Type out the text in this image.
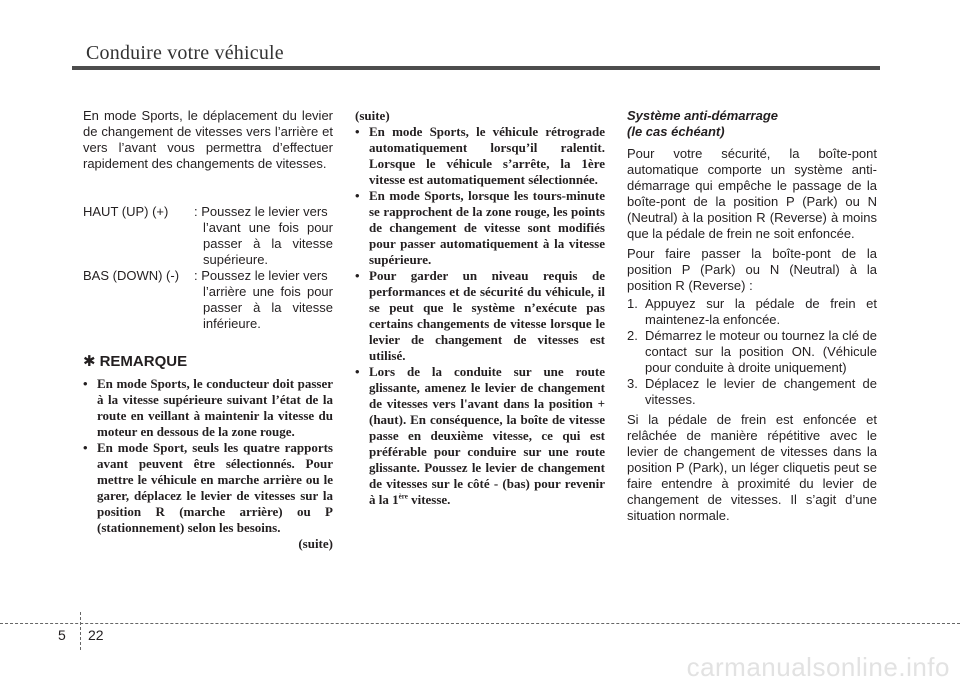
Conduire votre véhicule

En mode Sports, le déplacement du levier de changement de vitesses vers l’arrière et vers l’avant vous permettra d’effectuer rapidement des changements de vitesses.

HAUT (UP) (+)	: Poussez le levier vers
l’avant une fois pour passer à la vitesse supérieure.
BAS (DOWN) (-)	: Poussez le levier vers
l’arrière une fois pour passer à la vitesse inférieure.
✱ REMARQUE
• En mode Sports, le conducteur doit passer à la vitesse supérieure suivant l’état de la route en veillant à maintenir la vitesse du moteur en dessous de la zone rouge.
• En mode Sport, seuls les quatre rapports avant peuvent être sélectionnés. Pour mettre le véhicule en marche arrière ou le garer, déplacez le levier de vitesses sur la position R (marche arrière) ou P (stationnement) selon les besoins.
(suite)
(suite)
• En mode Sports, le véhicule rétrograde automatiquement lorsqu’il ralentit. Lorsque le véhicule s’arrête, la 1ère vitesse est automatiquement sélectionnée.
• En mode Sports, lorsque les tours-minute se rapprochent de la zone rouge, les points de changement de vitesse sont modifiés pour passer automatiquement à la vitesse supérieure.
• Pour garder un niveau requis de performances et de sécurité du véhicule, il se peut que le système n’exécute pas certains changements de vitesse lorsque le levier de changement de vitesses est utilisé.
• Lors de la conduite sur une route glissante, amenez le levier de changement de vitesses vers l'avant dans la position +(haut). En conséquence, la boîte de vitesse passe en deuxième vitesse, ce qui est préférable pour conduire sur une route glissante. Poussez le levier de changement de vitesses sur le côté - (bas) pour revenir à la 1ère vitesse.
Système anti-démarrage
(le cas échéant)

Pour votre sécurité, la boîte-pont automatique comporte un système anti-démarrage qui empêche le passage de la boîte-pont de la position P (Park) ou N (Neutral) à la position R (Reverse) à moins que la pédale de frein ne soit enfoncée.

Pour faire passer la boîte-pont de la position P (Park) ou N (Neutral) à la position R (Reverse) :

1. Appuyez sur la pédale de frein et maintenez-la enfoncée.
2. Démarrez le moteur ou tournez la clé de contact sur la position ON. (Véhicule pour conduite à droite uniquement)
3. Déplacez le levier de changement de vitesses.

Si la pédale de frein est enfoncée et relâchée de manière répétitive avec le levier de changement de vitesses dans la position P (Park), un léger cliquetis peut se faire entendre à proximité du levier de changement de vitesses. Il s’agit d’une situation normale.

5 22
carmanualsonline.info
